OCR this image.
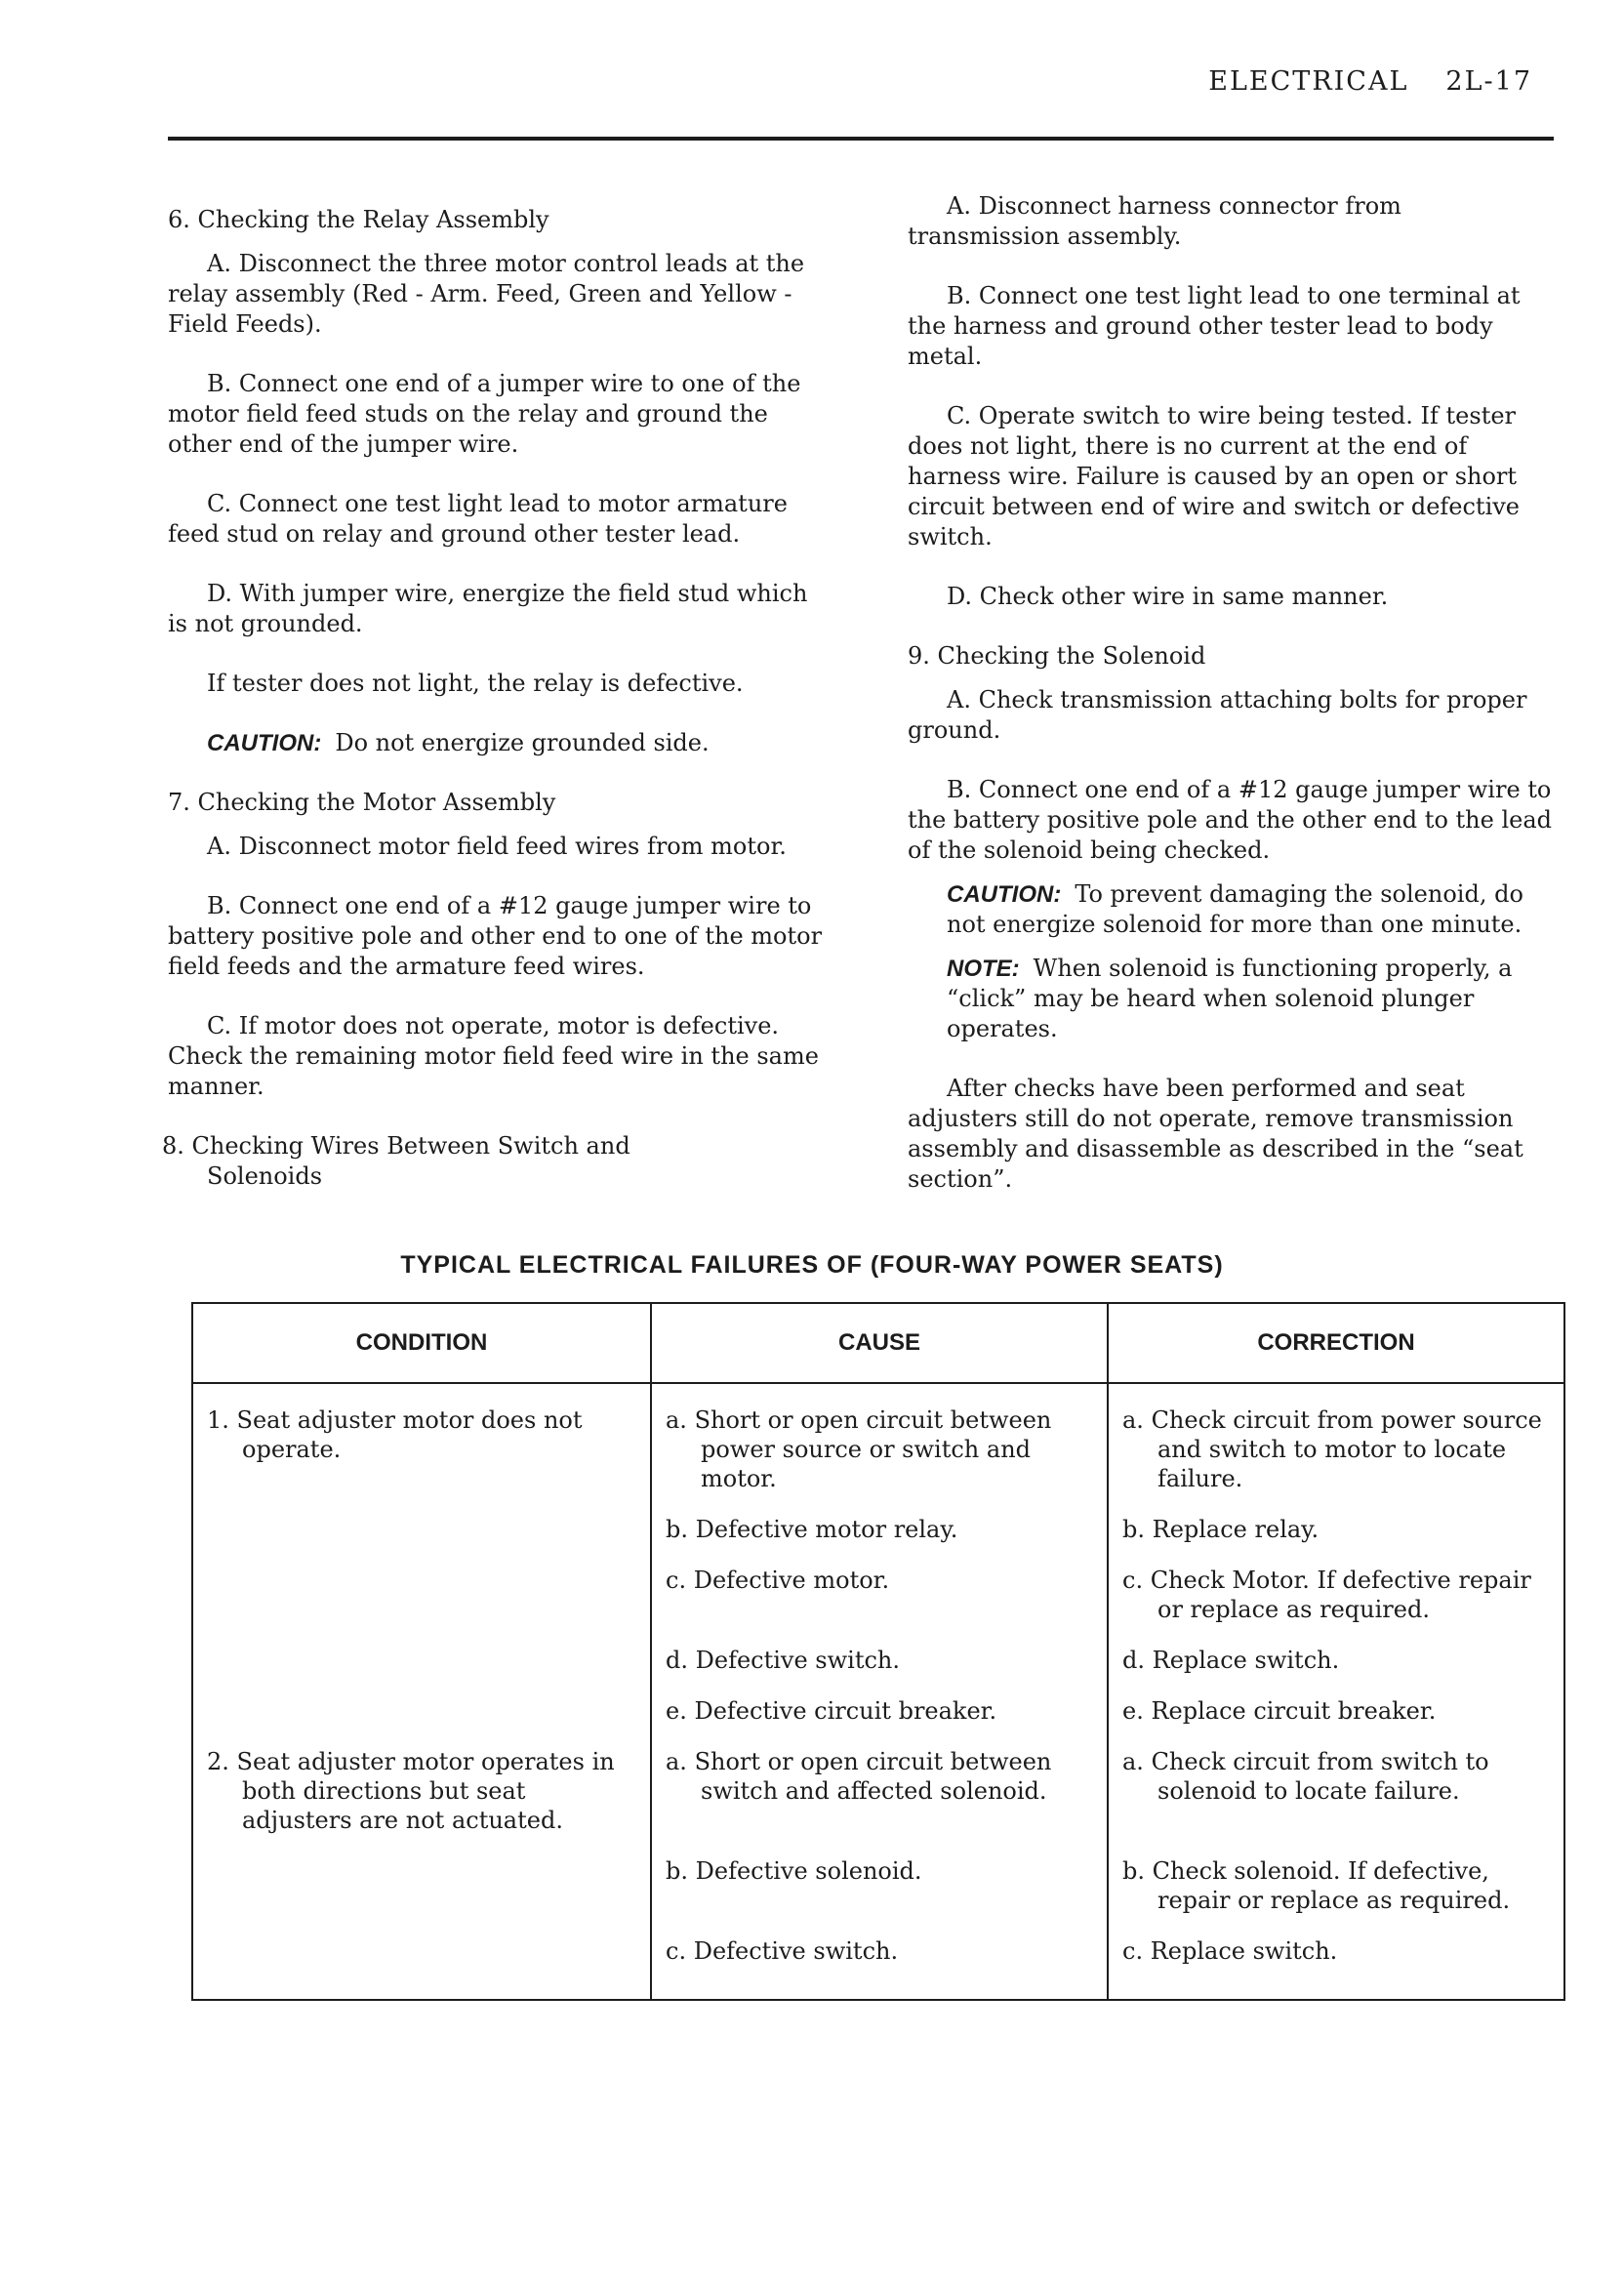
ELECTRICAL 2L-17

6. Checking the Relay Assembly

A. Disconnect the three motor control leads at the relay assembly (Red - Arm. Feed, Green and Yellow - Field Feeds).

B. Connect one end of a jumper wire to one of the motor field feed studs on the relay and ground the other end of the jumper wire.

C. Connect one test light lead to motor armature feed stud on relay and ground other tester lead.

D. With jumper wire, energize the field stud which is not grounded.

If tester does not light, the relay is defective.

CAUTION: Do not energize grounded side.

7. Checking the Motor Assembly

A. Disconnect motor field feed wires from motor.

B. Connect one end of a #12 gauge jumper wire to battery positive pole and other end to one of the motor field feeds and the armature feed wires.

C. If motor does not operate, motor is defective. Check the remaining motor field feed wire in the same manner.

8. Checking Wires Between Switch and Solenoids

A. Disconnect harness connector from transmission assembly.

B. Connect one test light lead to one terminal at the harness and ground other tester lead to body metal.

C. Operate switch to wire being tested. If tester does not light, there is no current at the end of harness wire. Failure is caused by an open or short circuit between end of wire and switch or defective switch.

D. Check other wire in same manner.

9. Checking the Solenoid

A. Check transmission attaching bolts for proper ground.

B. Connect one end of a #12 gauge jumper wire to the battery positive pole and the other end to the lead of the solenoid being checked.

CAUTION: To prevent damaging the solenoid, do not energize solenoid for more than one minute.

NOTE: When solenoid is functioning properly, a “click” may be heard when solenoid plunger operates.

After checks have been performed and seat adjusters still do not operate, remove transmission assembly and disassemble as described in the “seat section”.

TYPICAL ELECTRICAL FAILURES OF (FOUR-WAY POWER SEATS)
CONDITION	CAUSE	CORRECTION

1. Seat adjuster motor does not operate.	a. Short or open circuit between power source or switch and motor.	a. Check circuit from power source and switch to motor to locate failure.

	b. Defective motor relay.	b. Replace relay.

	c. Defective motor.	c. Check Motor. If defective repair or replace as required.

	d. Defective switch.	d. Replace switch.

	e. Defective circuit breaker.	e. Replace circuit breaker.

2. Seat adjuster motor operates in both directions but seat adjusters are not actuated.	a. Short or open circuit between switch and affected solenoid.	a. Check circuit from switch to solenoid to locate failure.

	b. Defective solenoid.	b. Check solenoid. If defective, repair or replace as required.

	c. Defective switch.	c. Replace switch.
